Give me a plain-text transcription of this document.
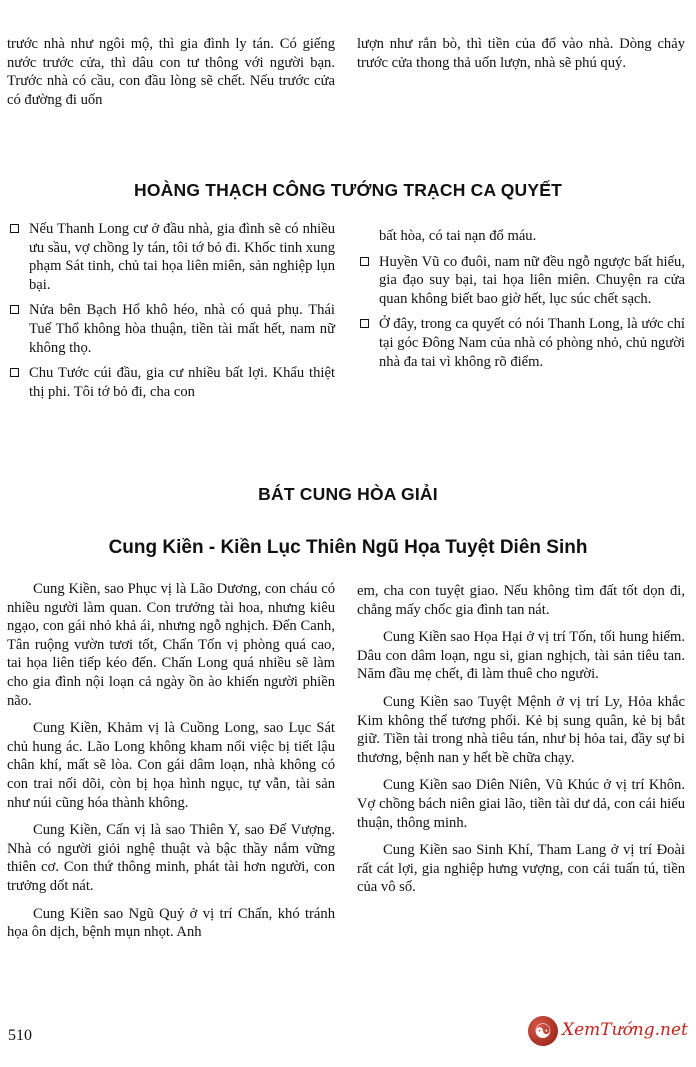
trước nhà như ngôi mộ, thì gia đình ly tán. Có giếng nước trước cửa, thì dâu con tư thông với người bạn. Trước nhà có cầu, con đầu lòng sẽ chết. Nếu trước cửa có đường đi uốn

lượn như rắn bò, thì tiền của đổ vào nhà. Dòng chảy trước cửa thong thả uốn lượn, nhà sẽ phú quý.

HOÀNG THẠCH CÔNG TƯỚNG TRẠCH CA QUYẾT
Nếu Thanh Long cư ở đầu nhà, gia đình sẽ có nhiều ưu sầu, vợ chồng ly tán, tôi tớ bỏ đi. Khốc tinh xung phạm Sát tinh, chủ tai họa liên miên, sản nghiệp lụn bại.
Nửa bên Bạch Hổ khô héo, nhà có quả phụ. Thái Tuế Thổ không hòa thuận, tiền tài mất hết, nam nữ không thọ.
Chu Tước cúi đầu, gia cư nhiều bất lợi. Khẩu thiệt thị phi. Tôi tớ bỏ đi, cha con
bất hòa, có tai nạn đổ máu.
Huyền Vũ co đuôi, nam nữ đều ngỗ ngược bất hiếu, gia đạo suy bại, tai họa liên miên. Chuyện ra cửa quan không biết bao giờ hết, lục súc chết sạch.
Ở đây, trong ca quyết có nói Thanh Long, là ước chỉ tại góc Đông Nam của nhà có phòng nhỏ, chủ người nhà đa tai vì không rõ điểm.
BÁT CUNG HÒA GIẢI
Cung Kiền - Kiền Lục Thiên Ngũ Họa Tuyệt Diên Sinh

Cung Kiền, sao Phục vị là Lão Dương, con cháu có nhiều người làm quan. Con trưởng tài hoa, nhưng kiêu ngạo, con gái nhỏ khả ái, nhưng ngỗ nghịch. Đến Canh, Tân ruộng vườn tươi tốt, Chấn Tốn vị phòng quá cao, tai họa liên tiếp kéo đến. Chấn Long quá nhiều sẽ làm cho gia đình nội loạn cả ngày ồn ào khiến người phiền não.

Cung Kiền, Khảm vị là Cuồng Long, sao Lục Sát chủ hung ác. Lão Long không kham nổi việc bị tiết lậu chân khí, mất sẽ lòa. Con gái dâm loạn, nhà không có con trai nối dõi, còn bị họa hình ngục, tự vẫn, tài sản như núi cũng hóa thành không.

Cung Kiền, Cấn vị là sao Thiên Y, sao Đế Vượng. Nhà có người giỏi nghệ thuật và bậc thầy nắm vững thiên cơ. Con thứ thông minh, phát tài hơn người, con trưởng dốt nát.

Cung Kiền sao Ngũ Quỷ ở vị trí Chấn, khó tránh họa ôn dịch, bệnh mụn nhọt. Anh

em, cha con tuyệt giao. Nếu không tìm đất tốt dọn đi, chẳng mấy chốc gia đình tan nát.

Cung Kiền sao Họa Hại ở vị trí Tốn, tối hung hiểm. Dâu con dâm loạn, ngu si, gian nghịch, tài sản tiêu tan. Năm đầu mẹ chết, đi làm thuê cho người.

Cung Kiền sao Tuyệt Mệnh ở vị trí Ly, Hỏa khắc Kim không thể tương phối. Kẻ bị sung quân, kẻ bị bắt giữ. Tiền tài trong nhà tiêu tán, như bị hỏa tai, đầy sự bi thương, bệnh nan y hết bề chữa chạy.

Cung Kiền sao Diên Niên, Vũ Khúc ở vị trí Khôn. Vợ chồng bách niên giai lão, tiền tài dư dả, con cái hiếu thuận, thông minh.

Cung Kiền sao Sinh Khí, Tham Lang ở vị trí Đoài rất cát lợi, gia nghiệp hưng vượng, con cái tuấn tú, tiền của vô số.

510	☯ XemTướng.net
